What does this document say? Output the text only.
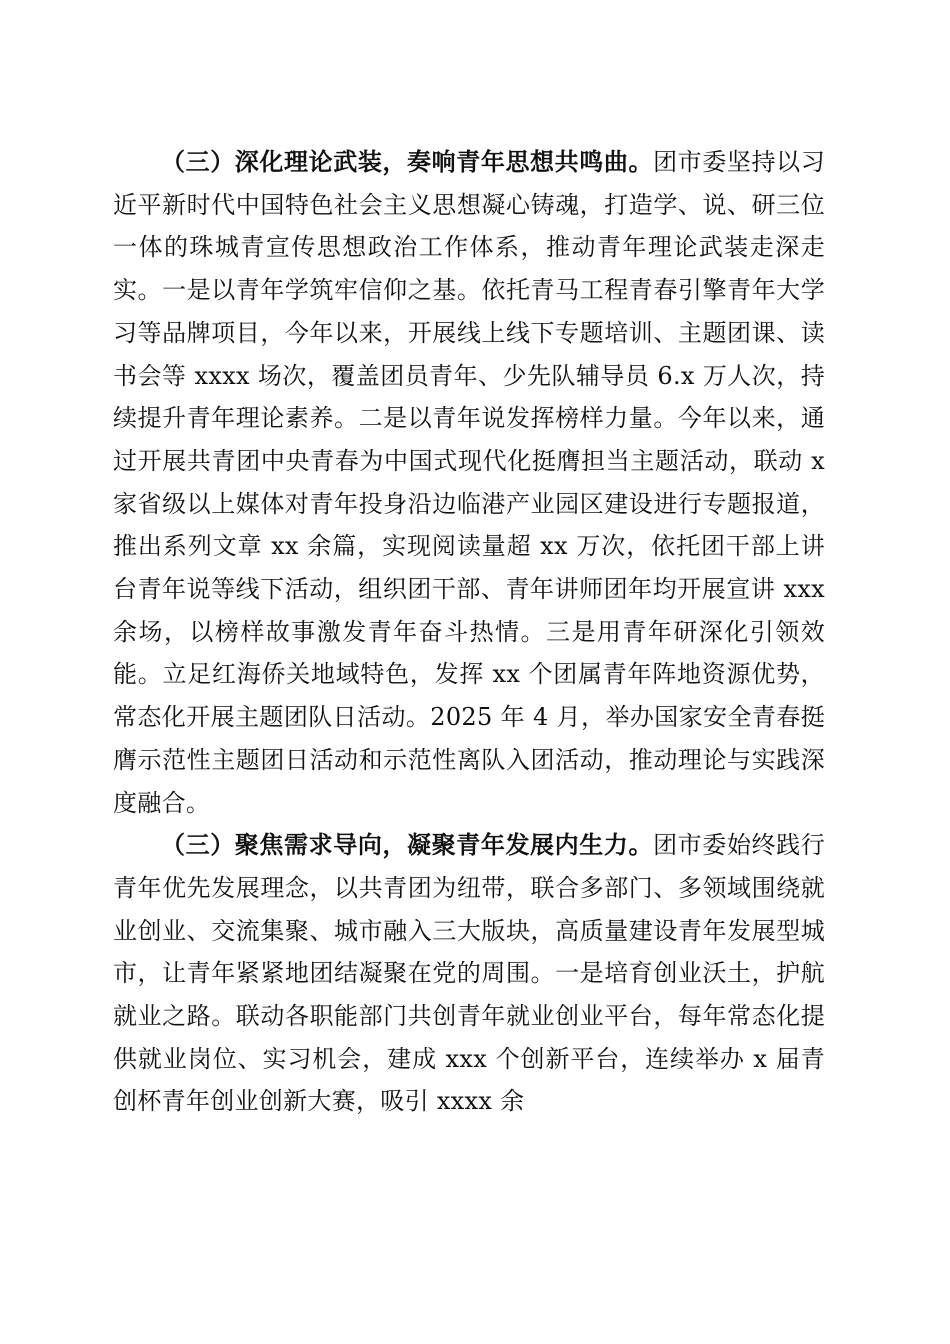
（三）深化理论武装，奏响青年思想共鸣曲。团市委坚持以习近平新时代中国特色社会主义思想凝心铸魂，打造学、说、研三位一体的珠城青宣传思想政治工作体系，推动青年理论武装走深走实。一是以青年学筑牢信仰之基。依托青马工程青春引擎青年大学习等品牌项目，今年以来，开展线上线下专题培训、主题团课、读书会等 xxxx 场次，覆盖团员青年、少先队辅导员 6.x 万人次，持续提升青年理论素养。二是以青年说发挥榜样力量。今年以来，通过开展共青团中央青春为中国式现代化挺膺担当主题活动，联动 x 家省级以上媒体对青年投身沿边临港产业园区建设进行专题报道，推出系列文章 xx 余篇，实现阅读量超 xx 万次，依托团干部上讲台青年说等线下活动，组织团干部、青年讲师团年均开展宣讲 xxx 余场，以榜样故事激发青年奋斗热情。三是用青年研深化引领效能。立足红海侨关地域特色，发挥 xx 个团属青年阵地资源优势，常态化开展主题团队日活动。2025 年 4 月，举办国家安全青春挺膺示范性主题团日活动和示范性离队入团活动，推动理论与实践深度融合。

（三）聚焦需求导向，凝聚青年发展内生力。团市委始终践行青年优先发展理念，以共青团为纽带，联合多部门、多领域围绕就业创业、交流集聚、城市融入三大版块，高质量建设青年发展型城市，让青年紧紧地团结凝聚在党的周围。一是培育创业沃土，护航就业之路。联动各职能部门共创青年就业创业平台，每年常态化提供就业岗位、实习机会，建成 xxx 个创新平台，连续举办 x 届青创杯青年创业创新大赛，吸引 xxxx 余
